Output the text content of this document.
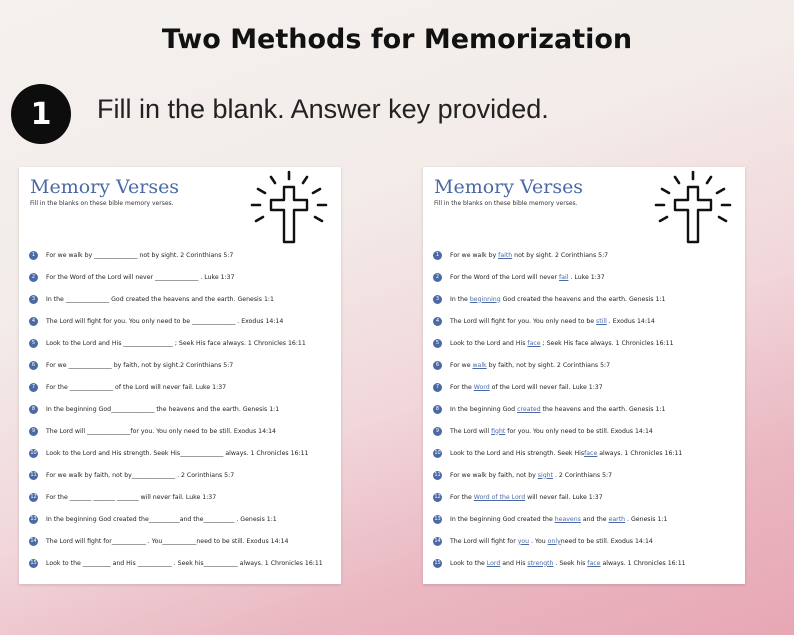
Two Methods for Memorization
1	Fill in the blank. Answer key provided.
Memory Verses
Fill in the blanks on these bible memory verses.
1	For we walk by ______________ not by sight. 2 Corinthians 5:7
2	For the Word of the Lord will never ______________ . Luke 1:37
3	In the ______________ God created the heavens and the earth. Genesis 1:1
4	The Lord will fight for you. You only need to be ______________ . Exodus 14:14
5	Look to the Lord and His ________________ ; Seek His face always. 1 Chronicles 16:11
6	For we ______________ by faith, not by sight.2 Corinthians 5:7
7	For the ______________ of the Lord will never fail. Luke 1:37
8	In the beginning God______________ the heavens and the earth. Genesis 1:1
9	The Lord will ______________for you. You only need to be still. Exodus 14:14
10 Look to the Lord and His strength. Seek His______________ always. 1 Chronicles 16:11
11 For we walk by faith, not by______________ . 2 Corinthians 5:7
12 For the _______ _______ _______ will never fail. Luke 1:37
13 In the beginning God created the__________and the__________ . Genesis 1:1
14 The Lord will fight for___________ . You___________need to be still. Exodus 14:14
15 Look to the _________ and His ___________ . Seek his___________ always. 1 Chronicles 16:11
Memory Verses
Fill in the blanks on these bible memory verses.
1	For we walk by faith not by sight. 2 Corinthians 5:7
2	For the Word of the Lord will never fail . Luke 1:37
3	In the beginning God created the heavens and the earth. Genesis 1:1
4	The Lord will fight for you. You only need to be still . Exodus 14:14
5	Look to the Lord and His face ; Seek His face always. 1 Chronicles 16:11
6	For we walk by faith, not by sight. 2 Corinthians 5:7
7	For the Word of the Lord will never fail. Luke 1:37
8	In the beginning God created the heavens and the earth. Genesis 1:1
9	The Lord will fight for you. You only need to be still. Exodus 14:14
10 Look to the Lord and His strength. Seek Hisface always. 1 Chronicles 16:11
11 For we walk by faith, not by sight . 2 Corinthians 5:7
12 For the Word of the Lord will never fail. Luke 1:37
13 In the beginning God created the heavens and the earth . Genesis 1:1
14 The Lord will fight for you . You onlyneed to be still. Exodus 14:14
15 Look to the Lord and His strength . Seek his face always. 1 Chronicles 16:11
